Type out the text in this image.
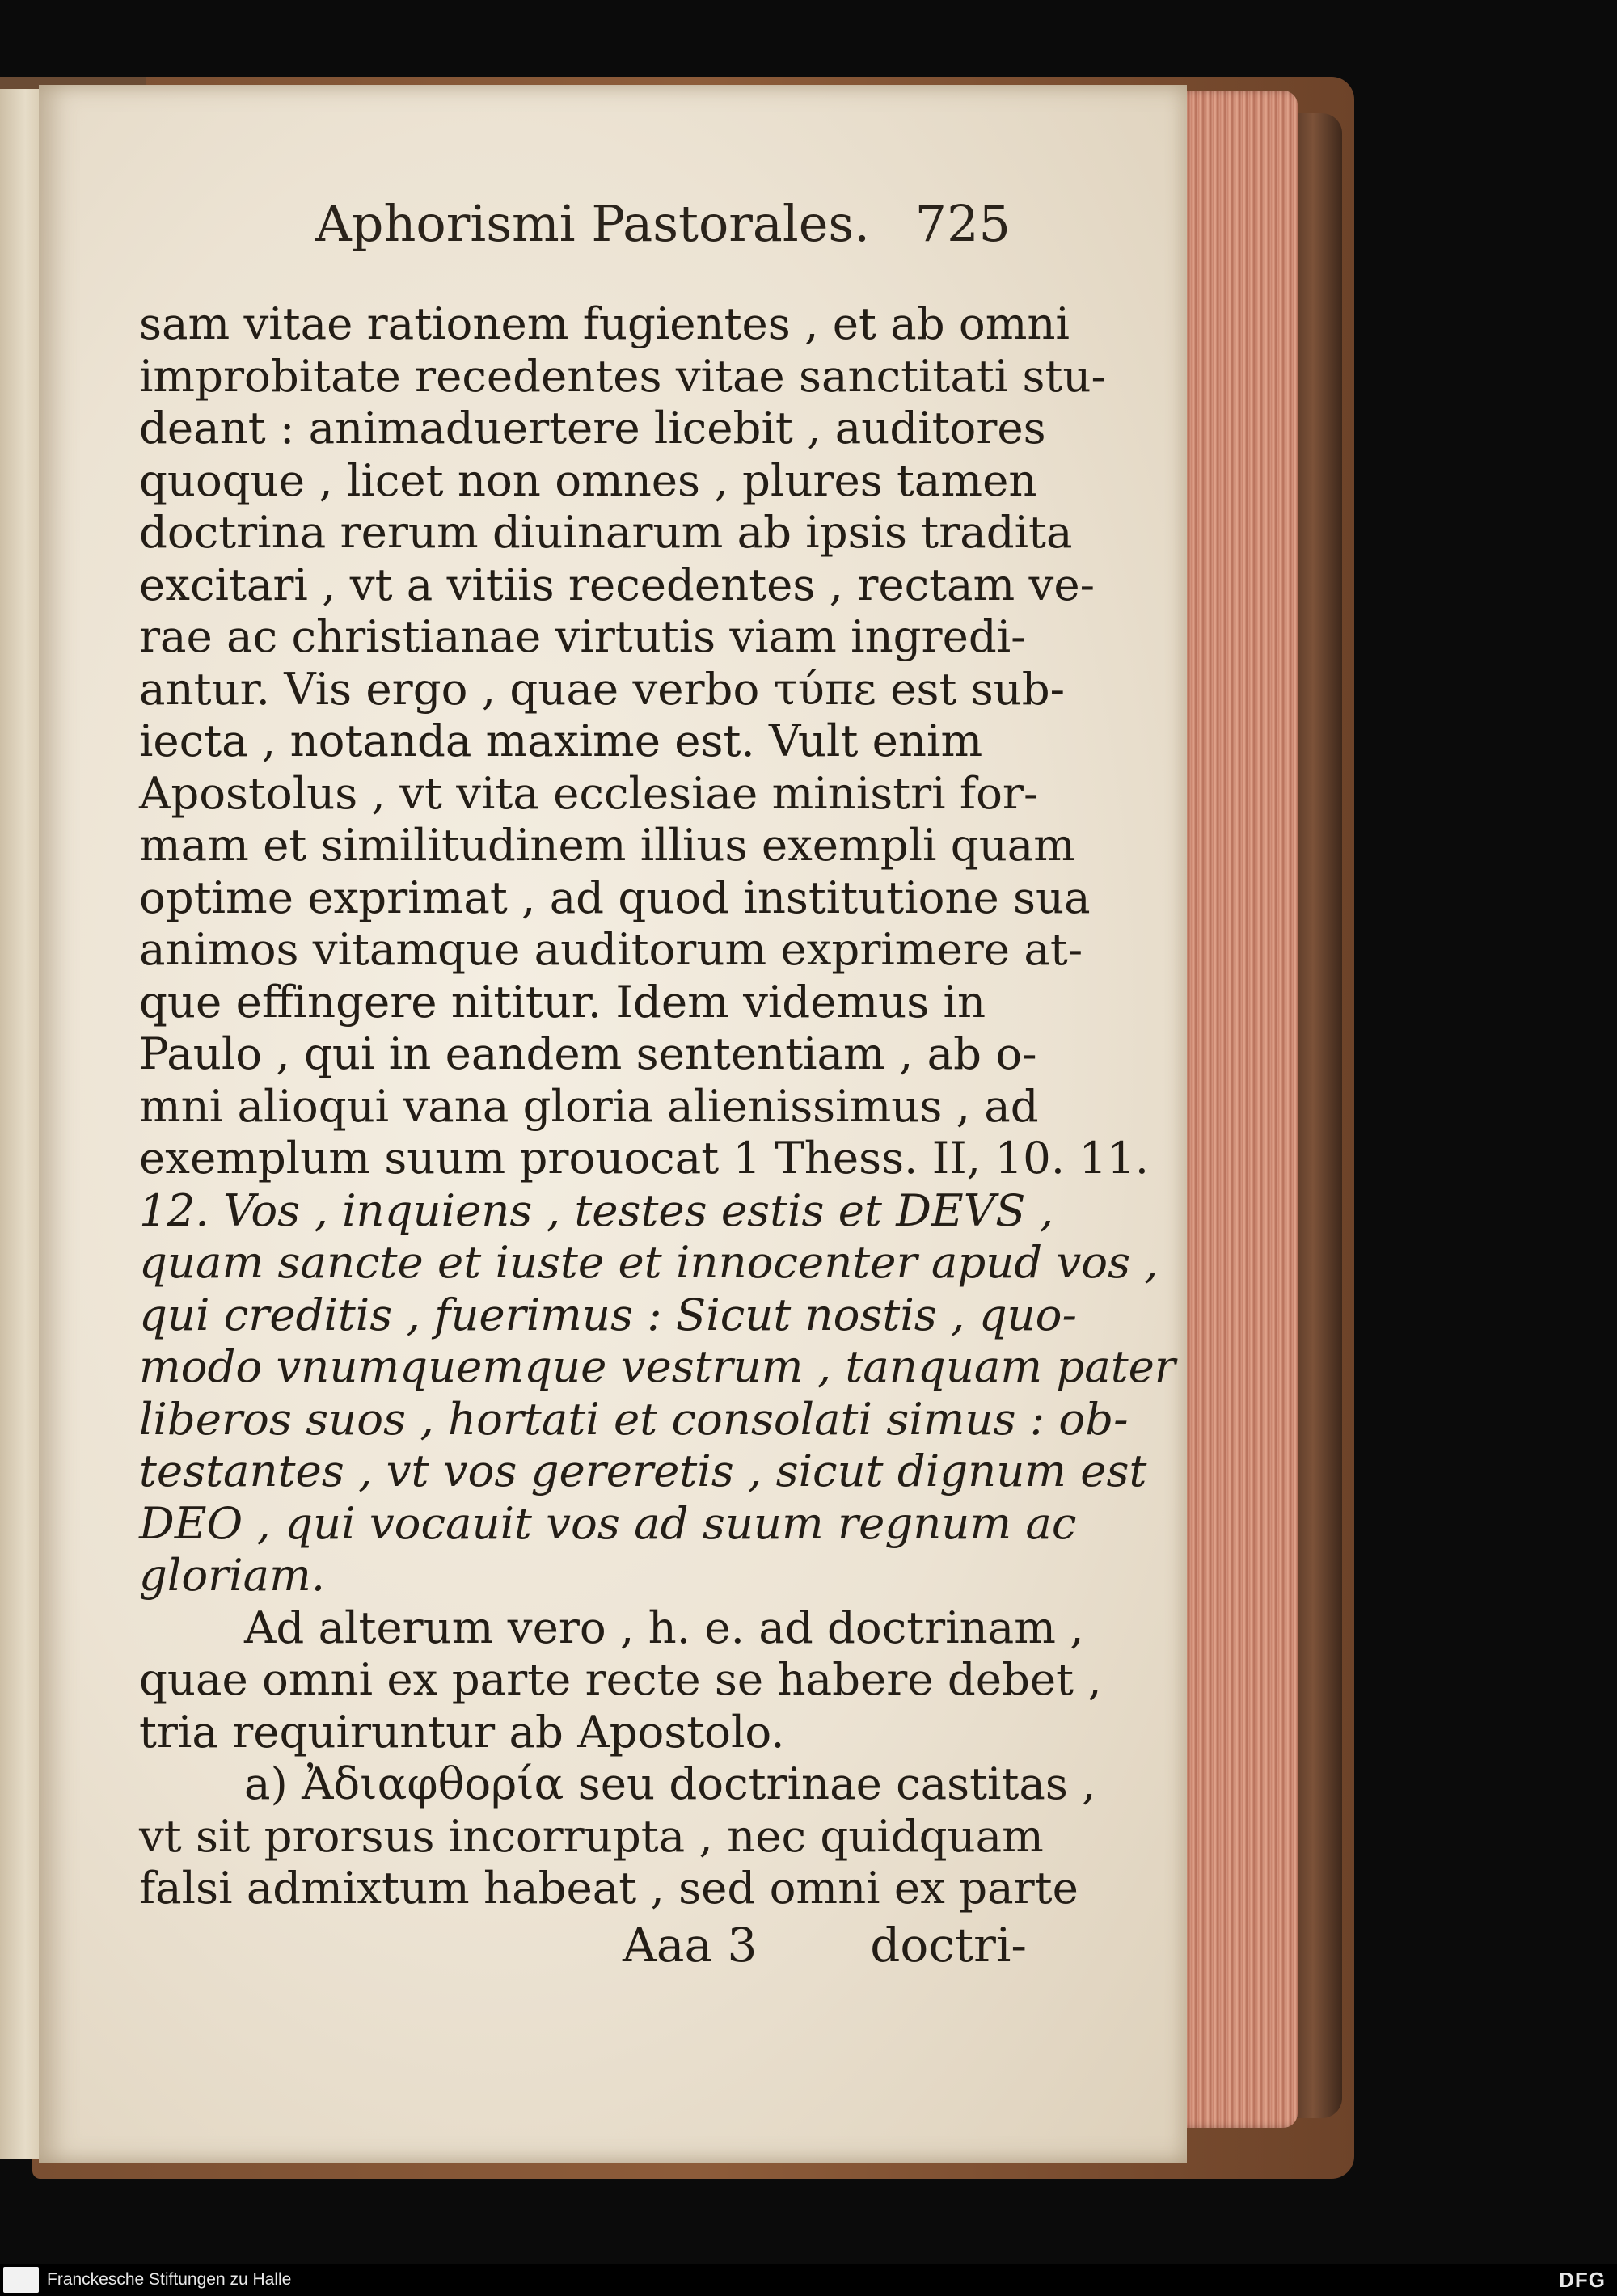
Aphorismi Pastorales. 725
sam vitae rationem fugientes , et ab omni
improbitate recedentes vitae sanctitati stu-
deant : animaduertere licebit , auditores
quoque , licet non omnes , plures tamen
doctrina rerum diuinarum ab ipsis tradita
excitari , vt a vitiis recedentes , rectam ve-
rae ac christianae virtutis viam ingredi-
antur. Vis ergo , quae verbo τύπε est sub-
iecta , notanda maxime est. Vult enim
Apostolus , vt vita ecclesiae ministri for-
mam et similitudinem illius exempli quam
optime exprimat , ad quod institutione sua
animos vitamque auditorum exprimere at-
que effingere nititur. Idem videmus in
Paulo , qui in eandem sententiam , ab o-
mni alioqui vana gloria alienissimus , ad
exemplum suum prouocat 1 Thess. II, 10. 11.
12. Vos , inquiens , testes estis et DEVS ,
quam sancte et iuste et innocenter apud vos ,
qui creditis , fuerimus : Sicut nostis , quo-
modo vnumquemque vestrum , tanquam pater
liberos suos , hortati et consolati simus : ob-
testantes , vt vos gereretis , sicut dignum est
DEO , qui vocauit vos ad suum regnum ac
gloriam.
Ad alterum vero , h. e. ad doctrinam ,
quae omni ex parte recte se habere debet ,
tria requiruntur ab Apostolo.
a) Ἀδιαφθορία seu doctrinae castitas ,
vt sit prorsus incorrupta , nec quidquam
falsi admixtum habeat , sed omni ex parte
Aaa 3 doctri-
Franckesche Stiftungen zu Halle	DFG
